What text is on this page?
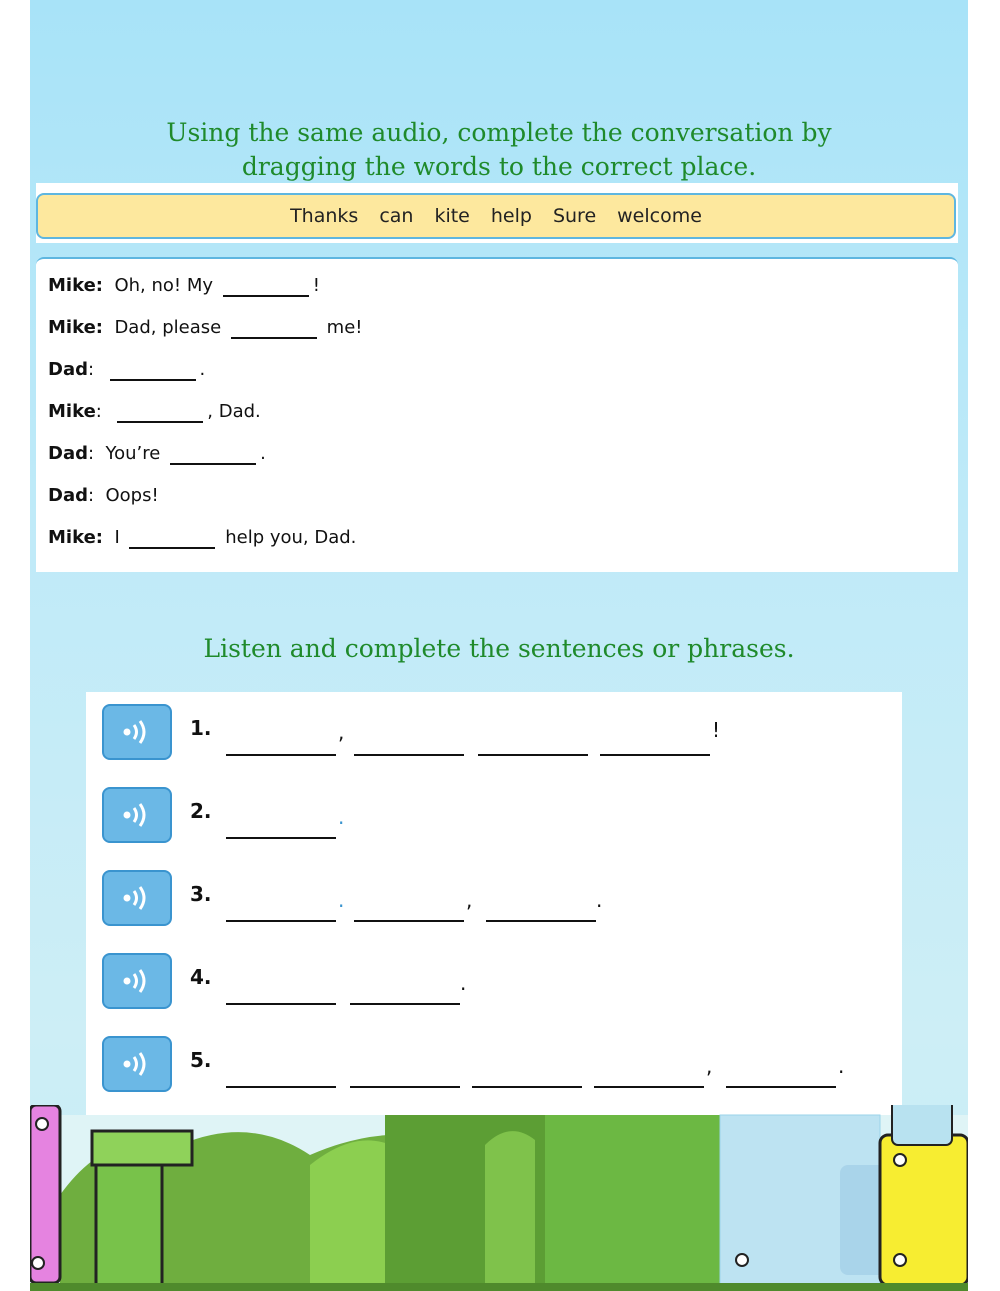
Using the same audio, complete the conversation by
dragging the words to the correct place.
Thanks can kite help Sure welcome
Mike: Oh, no! My	!
Mike: Dad, please	me!
Dad:	.
Mike:	, Dad.
Dad:  You’re	.
Dad:  Oops!
Mike: I	help you, Dad.
Listen and complete the sentences or phrases.
1.	,	!
2.	.
3.	.	,	.
4.	.
5.	,	.
